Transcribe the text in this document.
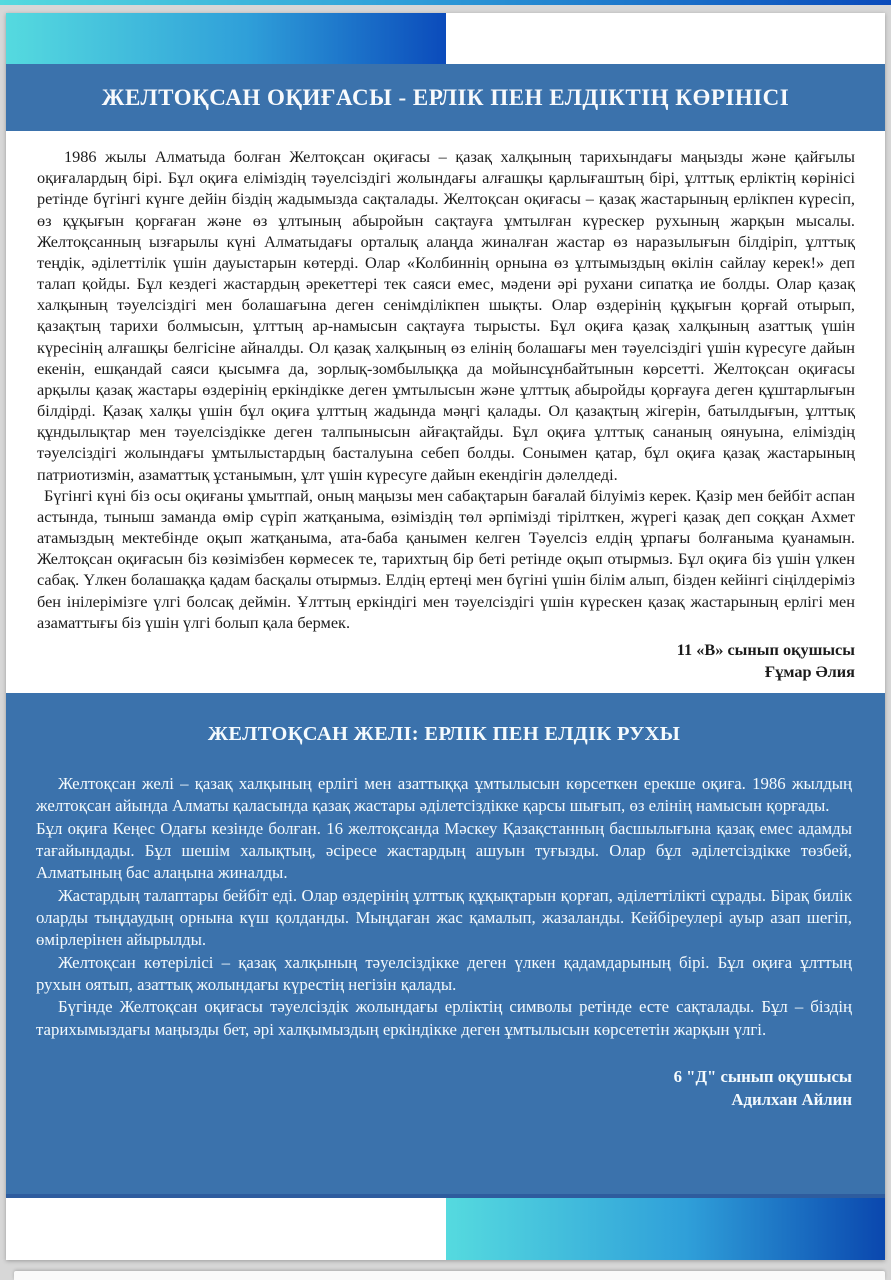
ЖЕЛТОҚСАН ОҚИҒАСЫ - ЕРЛІК ПЕН ЕЛДІКТІҢ КӨРІНІСІ

1986 жылы Алматыда болған Желтоқсан оқиғасы – қазақ халқының тарихындағы маңызды және қайғылы оқиғалардың бірі. Бұл оқиға еліміздің тәуелсіздігі жолындағы алғашқы қарлығаштың бірі, ұлттық ерліктің көрінісі ретінде бүгінгі күнге дейін біздің жадымызда сақталады. Желтоқсан оқиғасы – қазақ жастарының ерлікпен күресіп, өз құқығын қорғаған және өз ұлтының абыройын сақтауға ұмтылған күрескер рухының жарқын мысалы. Желтоқсанның ызғарылы күні Алматыдағы орталық алаңда жиналған жастар өз наразылығын білдіріп, ұлттық теңдік, әділеттілік үшін дауыстарын көтерді. Олар «Колбиннің орнына өз ұлтымыздың өкілін сайлау керек!» деп талап қойды. Бұл кездегі жастардың әрекеттері тек саяси емес, мәдени әрі рухани сипатқа ие болды. Олар қазақ халқының тәуелсіздігі мен болашағына деген сенімділікпен шықты. Олар өздерінің құқығын қорғай отырып, қазақтың тарихи болмысын, ұлттың ар-намысын сақтауға тырысты. Бұл оқиға қазақ халқының азаттық үшін күресінің алғашқы белгісіне айналды. Ол қазақ халқының өз елінің болашағы мен тәуелсіздігі үшін күресуге дайын екенін, ешқандай саяси қысымға да, зорлық-зомбылыққа да мойынсұнбайтынын көрсетті. Желтоқсан оқиғасы арқылы қазақ жастары өздерінің еркіндікке деген ұмтылысын және ұлттық абыройды қорғауға деген құштарлығын білдірді. Қазақ халқы үшін бұл оқиға ұлттың жадында мәңгі қалады. Ол қазақтың жігерін, батылдығын, ұлттық құндылықтар мен тәуелсіздікке деген талпынысын айғақтайды. Бұл оқиға ұлттық сананың оянуына, еліміздің тәуелсіздігі жолындағы ұмтылыстардың басталуына себеп болды. Сонымен қатар, бұл оқиға қазақ жастарының патриотизмін, азаматтық ұстанымын, ұлт үшін күресуге дайын екендігін дәлелдеді.

Бүгінгі күні біз осы оқиғаны ұмытпай, оның маңызы мен сабақтарын бағалай білуіміз керек. Қазір мен бейбіт аспан астында, тыныш заманда өмір сүріп жатқаныма, өзіміздің төл әрпімізді тірілткен, жүрегі қазақ деп соққан Ахмет атамыздың мектебінде оқып жатқаныма, ата-баба қанымен келген Тәуелсіз елдің ұрпағы болғаныма қуанамын. Желтоқсан оқиғасын біз көзімізбен көрмесек те, тарихтың бір беті ретінде оқып отырмыз. Бұл оқиға біз үшін үлкен сабақ. Үлкен болашаққа қадам басқалы отырмыз. Елдің ертеңі мен бүгіні үшін білім алып, бізден кейінгі сіңілдеріміз бен інілерімізге үлгі болсақ деймін. Ұлттың еркіндігі мен тәуелсіздігі үшін күрескен қазақ жастарының ерлігі мен азаматтығы біз үшін үлгі болып қала бермек.

11 «В» сынып оқушысы
Ғұмар Әлия
ЖЕЛТОҚСАН ЖЕЛІ: ЕРЛІК ПЕН ЕЛДІК РУХЫ

Желтоқсан желі – қазақ халқының ерлігі мен азаттыққа ұмтылысын көрсеткен ерекше оқиға. 1986 жылдың желтоқсан айында Алматы қаласында қазақ жастары әділетсіздікке қарсы шығып, өз елінің намысын қорғады.

Бұл оқиға Кеңес Одағы кезінде болған. 16 желтоқсанда Мәскеу Қазақстанның басшылығына қазақ емес адамды тағайындады. Бұл шешім халықтың, әсіресе жастардың ашуын туғызды. Олар бұл әділетсіздікке төзбей, Алматының бас алаңына жиналды.

Жастардың талаптары бейбіт еді. Олар өздерінің ұлттық құқықтарын қорғап, әділеттілікті сұрады. Бірақ билік оларды тыңдаудың орнына күш қолданды. Мыңдаған жас қамалып, жазаланды. Кейбіреулері ауыр азап шегіп, өмірлерінен айырылды.

Желтоқсан көтерілісі – қазақ халқының тәуелсіздікке деген үлкен қадамдарының бірі. Бұл оқиға ұлттың рухын оятып, азаттық жолындағы күрестің негізін қалады.

Бүгінде Желтоқсан оқиғасы тәуелсіздік жолындағы ерліктің символы ретінде есте сақталады. Бұл – біздің тарихымыздағы маңызды бет, әрі халқымыздың еркіндікке деген ұмтылысын көрсететін жарқын үлгі.

6 "Д" сынып оқушысы
Адилхан Айлин
